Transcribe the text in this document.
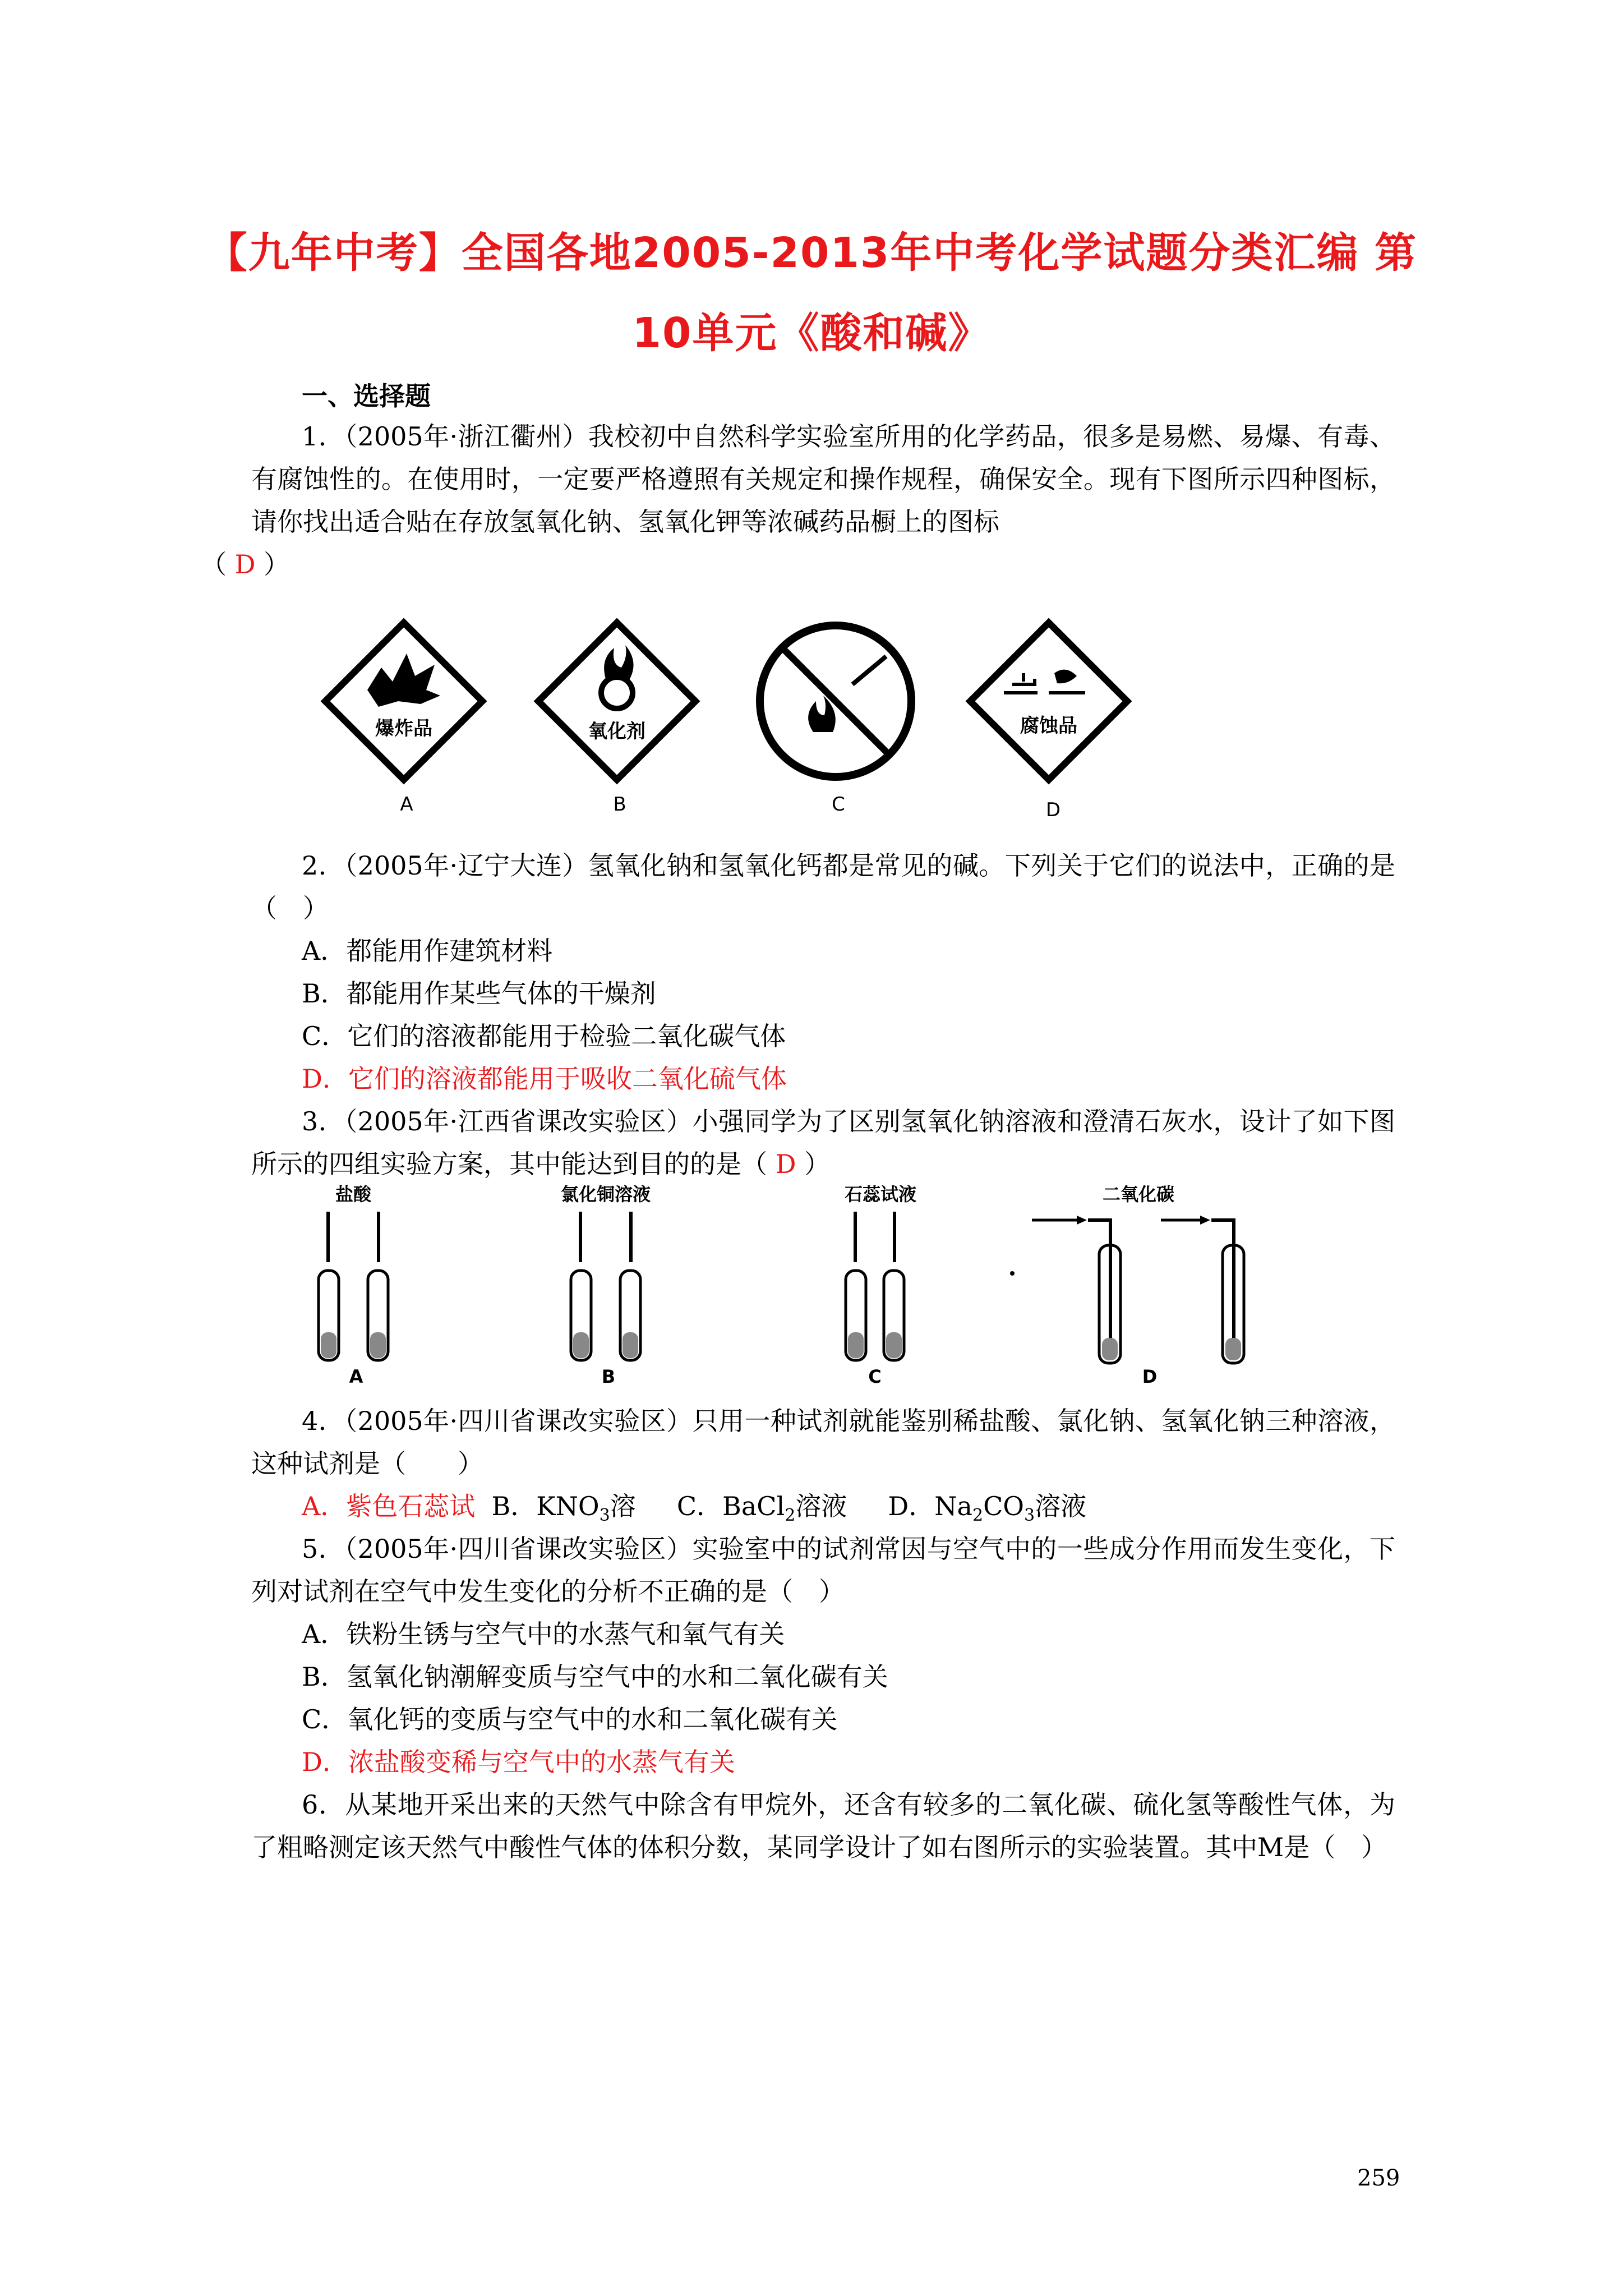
【九年中考】全国各地2005-2013年中考化学试题分类汇编 第
10单元《酸和碱》
一、选择题

1．（2005年·浙江衢州）我校初中自然科学实验室所用的化学药品，很多是易燃、易爆、有毒、有腐蚀性的。在使用时，一定要严格遵照有关规定和操作规程，确保安全。现有下图所示四种图标，请你找出适合贴在存放氢氧化钠、氢氧化钾等浓碱药品橱上的图标
（ D ）

爆炸品
A
氧化剂
B	C
腐蚀品
D

2．（2005年·辽宁大连）氢氧化钠和氢氧化钙都是常见的碱。下列关于它们的说法中，正确的是（　）

A．都能用作建筑材料

B．都能用作某些气体的干燥剂

C．它们的溶液都能用于检验二氧化碳气体

D．它们的溶液都能用于吸收二氧化硫气体

3．（2005年·江西省课改实验区）小强同学为了区别氢氧化钠溶液和澄清石灰水，设计了如下图所示的四组实验方案，其中能达到目的的是（ D ）

盐酸
A
氯化铜溶液
B
石蕊试液
C
二氧化碳
D

4．（2005年·四川省课改实验区）只用一种试剂就能鉴别稀盐酸、氯化钠、氢氧化钠三种溶液，这种试剂是（　　）

A．紫色石蕊试 B．$KNO_3$溶 C．BaCl$_2$溶液 D．$Na_2CO_3$溶液

5．（2005年·四川省课改实验区）实验室中的试剂常因与空气中的一些成分作用而发生变化，下列对试剂在空气中发生变化的分析不正确的是（　）

A．铁粉生锈与空气中的水蒸气和氧气有关

B．氢氧化钠潮解变质与空气中的水和二氧化碳有关

C．氧化钙的变质与空气中的水和二氧化碳有关

D．浓盐酸变稀与空气中的水蒸气有关

6．从某地开采出来的天然气中除含有甲烷外，还含有较多的二氧化碳、硫化氢等酸性气体，为了粗略测定该天然气中酸性气体的体积分数，某同学设计了如右图所示的实验装置。其中M是（　）

259
